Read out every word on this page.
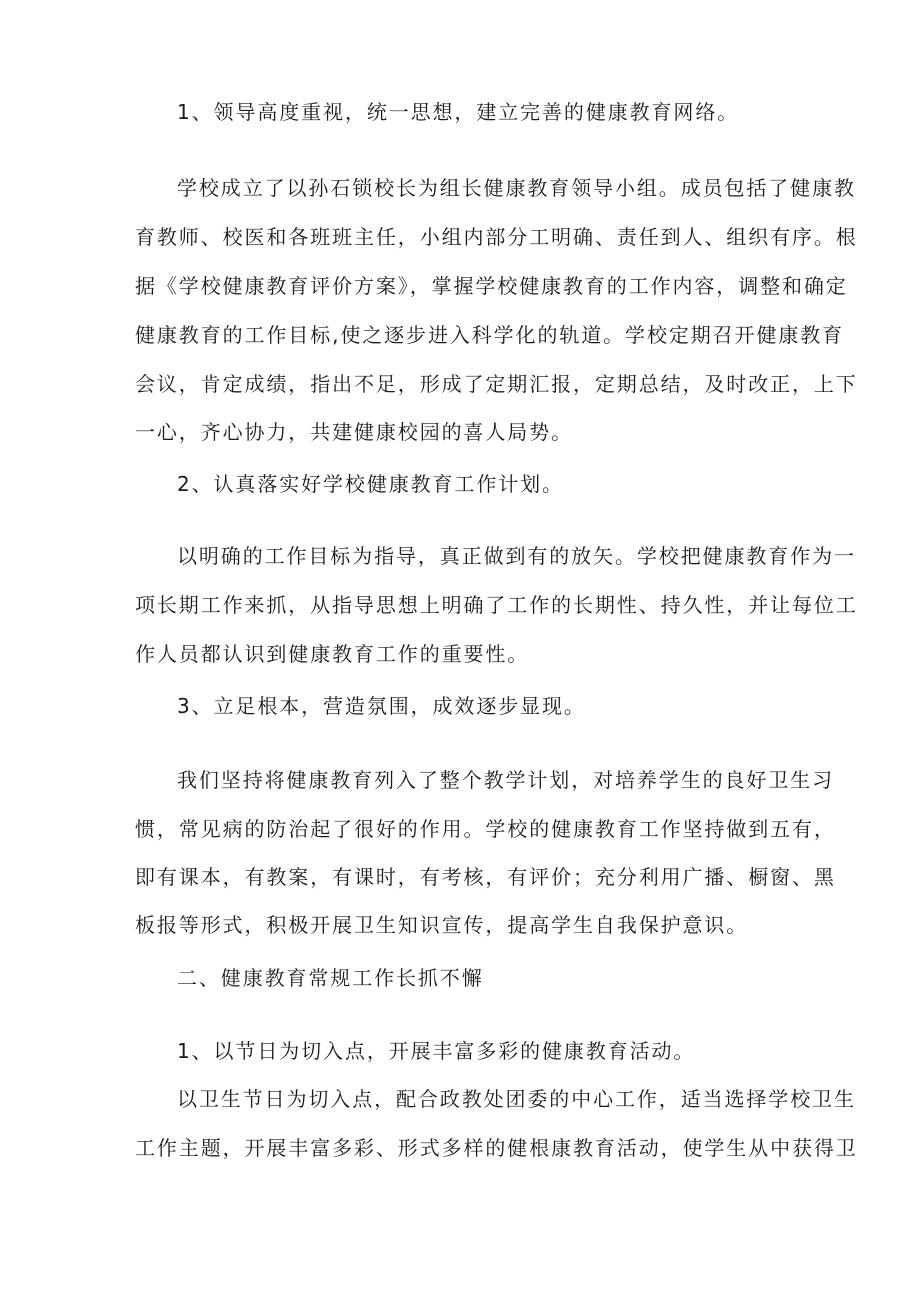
1、领导高度重视，统一思想，建立完善的健康教育网络。
学校成立了以孙石锁校长为组长健康教育领导小组。成员包括了健康教
育教师、校医和各班班主任，小组内部分工明确、责任到人、组织有序。根
据《学校健康教育评价方案》，掌握学校健康教育的工作内容，调整和确定
健康教育的工作目标,使之逐步进入科学化的轨道。学校定期召开健康教育
会议，肯定成绩，指出不足，形成了定期汇报，定期总结，及时改正，上下
一心，齐心协力，共建健康校园的喜人局势。
2、认真落实好学校健康教育工作计划。
以明确的工作目标为指导，真正做到有的放矢。学校把健康教育作为一
项长期工作来抓，从指导思想上明确了工作的长期性、持久性，并让每位工
作人员都认识到健康教育工作的重要性。
3、立足根本，营造氛围，成效逐步显现。
我们坚持将健康教育列入了整个教学计划，对培养学生的良好卫生习
惯，常见病的防治起了很好的作用。学校的健康教育工作坚持做到五有，
即有课本，有教案，有课时，有考核，有评价；充分利用广播、橱窗、黑
板报等形式，积极开展卫生知识宣传，提高学生自我保护意识。
二、健康教育常规工作长抓不懈
1、以节日为切入点，开展丰富多彩的健康教育活动。
以卫生节日为切入点，配合政教处团委的中心工作，适当选择学校卫生
工作主题，开展丰富多彩、形式多样的健根康教育活动，使学生从中获得卫
